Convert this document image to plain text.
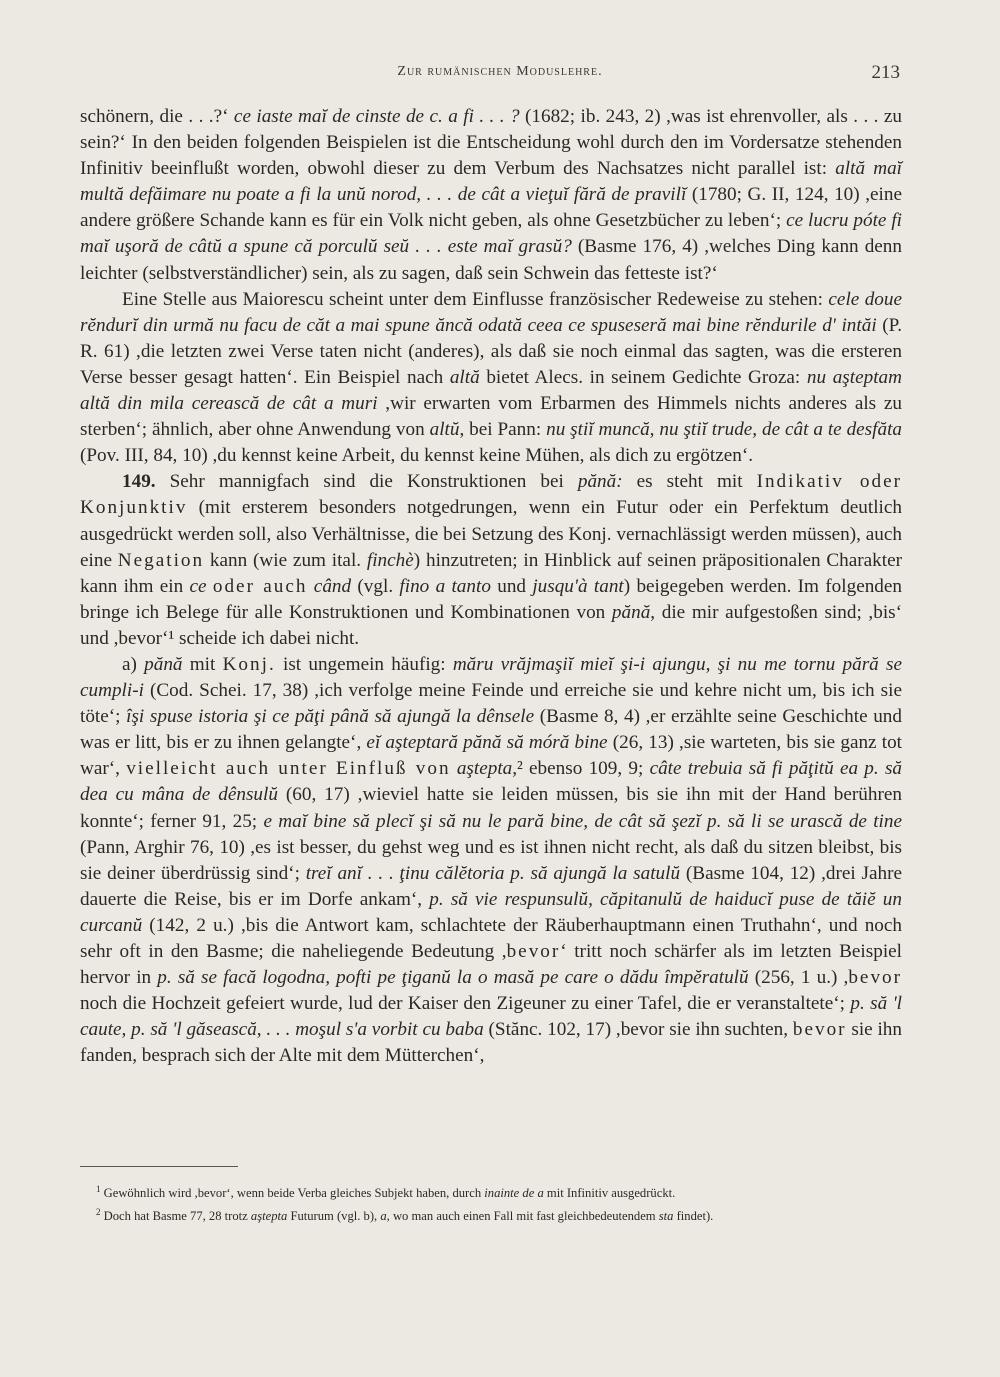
Zur rumänischen Moduslehre.	213

schönern, die . . .?‘ ce iaste maĭ de cinste de c. a fi . . . ? (1682; ib. 243, 2) ,was ist ehrenvoller, als . . . zu sein?‘ In den beiden folgenden Beispielen ist die Entscheidung wohl durch den im Vordersatze stehenden Infinitiv beeinflußt worden, obwohl dieser zu dem Verbum des Nachsatzes nicht parallel ist: altă maĭ multă defăimare nu poate a fi la unŭ norod, . . . de cât a vieţuĭ fără de pravilĭ (1780; G. II, 124, 10) ,eine andere größere Schande kann es für ein Volk nicht geben, als ohne Gesetzbücher zu leben‘; ce lucru póte fi maĭ uşoră de câtŭ a spune că porculŭ seŭ . . . este maĭ grasŭ? (Basme 176, 4) ,welches Ding kann denn leichter (selbstverständlicher) sein, als zu sagen, daß sein Schwein das fetteste ist?‘

Eine Stelle aus Maiorescu scheint unter dem Einflusse französischer Redeweise zu stehen: cele doue rĕndurĭ din urmă nu facu de căt a mai spune ăncă odată ceea ce spuseseră mai bine rĕndurile d' intăi (P. R. 61) ,die letzten zwei Verse taten nicht (anderes), als daß sie noch einmal das sagten, was die ersteren Verse besser gesagt hatten‘. Ein Beispiel nach altă bietet Alecs. in seinem Gedichte Groza: nu aşteptam altă din mila cerească de cât a muri ,wir erwarten vom Erbarmen des Himmels nichts anderes als zu sterben‘; ähnlich, aber ohne Anwendung von altŭ, bei Pann: nu ştiĭ muncă, nu ştiĭ trude, de cât a te desfăta (Pov. III, 84, 10) ,du kennst keine Arbeit, du kennst keine Mühen, als dich zu ergötzen‘.

149. Sehr mannigfach sind die Konstruktionen bei pănă: es steht mit Indikativ oder Konjunktiv (mit ersterem besonders notgedrungen, wenn ein Futur oder ein Perfektum deutlich ausgedrückt werden soll, also Verhältnisse, die bei Setzung des Konj. vernachlässigt werden müssen), auch eine Negation kann (wie zum ital. finchè) hinzutreten; in Hinblick auf seinen präpositionalen Charakter kann ihm ein ce oder auch când (vgl. fino a tanto und jusqu'à tant) beigegeben werden. Im folgenden bringe ich Belege für alle Konstruktionen und Kombinationen von pănă, die mir aufgestoßen sind; ,bis‘ und ,bevor‘¹ scheide ich dabei nicht.

a) pănă mit Konj. ist ungemein häufig: măru vrăjmaşiĭ mieĭ şi-i ajungu, şi nu me tornu pără se cumpli-i (Cod. Schei. 17, 38) ,ich verfolge meine Feinde und erreiche sie und kehre nicht um, bis ich sie töte‘; îşi spuse istoria şi ce păţi până să ajungă la dênsele (Basme 8, 4) ,er erzählte seine Geschichte und was er litt, bis er zu ihnen gelangte‘, eĭ aşteptară pănă să móră bine (26, 13) ,sie warteten, bis sie ganz tot war‘, vielleicht auch unter Einfluß von aştepta,² ebenso 109, 9; câte trebuia să fi păţitŭ ea p. să dea cu mâna de dênsulŭ (60, 17) ,wieviel hatte sie leiden müssen, bis sie ihn mit der Hand berühren konnte‘; ferner 91, 25; e maĭ bine să plecĭ şi să nu le pară bine, de cât să şezĭ p. să li se urască de tine (Pann, Arghir 76, 10) ,es ist besser, du gehst weg und es ist ihnen nicht recht, als daß du sitzen bleibst, bis sie deiner überdrüssig sind‘; treĭ anĭ . . . ţinu călĕtoria p. să ajungă la satulŭ (Basme 104, 12) ,drei Jahre dauerte die Reise, bis er im Dorfe ankam‘, p. să vie respunsulŭ, căpitanulŭ de haiducĭ puse de tăiĕ un curcanŭ (142, 2 u.) ,bis die Antwort kam, schlachtete der Räuberhauptmann einen Truthahn‘, und noch sehr oft in den Basme; die naheliegende Bedeutung ,bevor‘ tritt noch schärfer als im letzten Beispiel hervor in p. să se facă logodna, pofti pe ţiganŭ la o masă pe care o dădu împĕratulŭ (256, 1 u.) ,bevor noch die Hochzeit gefeiert wurde, lud der Kaiser den Zigeuner zu einer Tafel, die er veranstaltete‘; p. să 'l caute, p. să 'l găsească, . . . moşul s'a vorbit cu baba (Stănc. 102, 17) ,bevor sie ihn suchten, bevor sie ihn fanden, besprach sich der Alte mit dem Mütterchen‘,

$^1$ Gewöhnlich wird ,bevor‘, wenn beide Verba gleiches Subjekt haben, durch inainte de a mit Infinitiv ausgedrückt.

$^2$ Doch hat Basme 77, 28 trotz aştepta Futurum (vgl. b), a, wo man auch einen Fall mit fast gleichbedeutendem sta findet).
